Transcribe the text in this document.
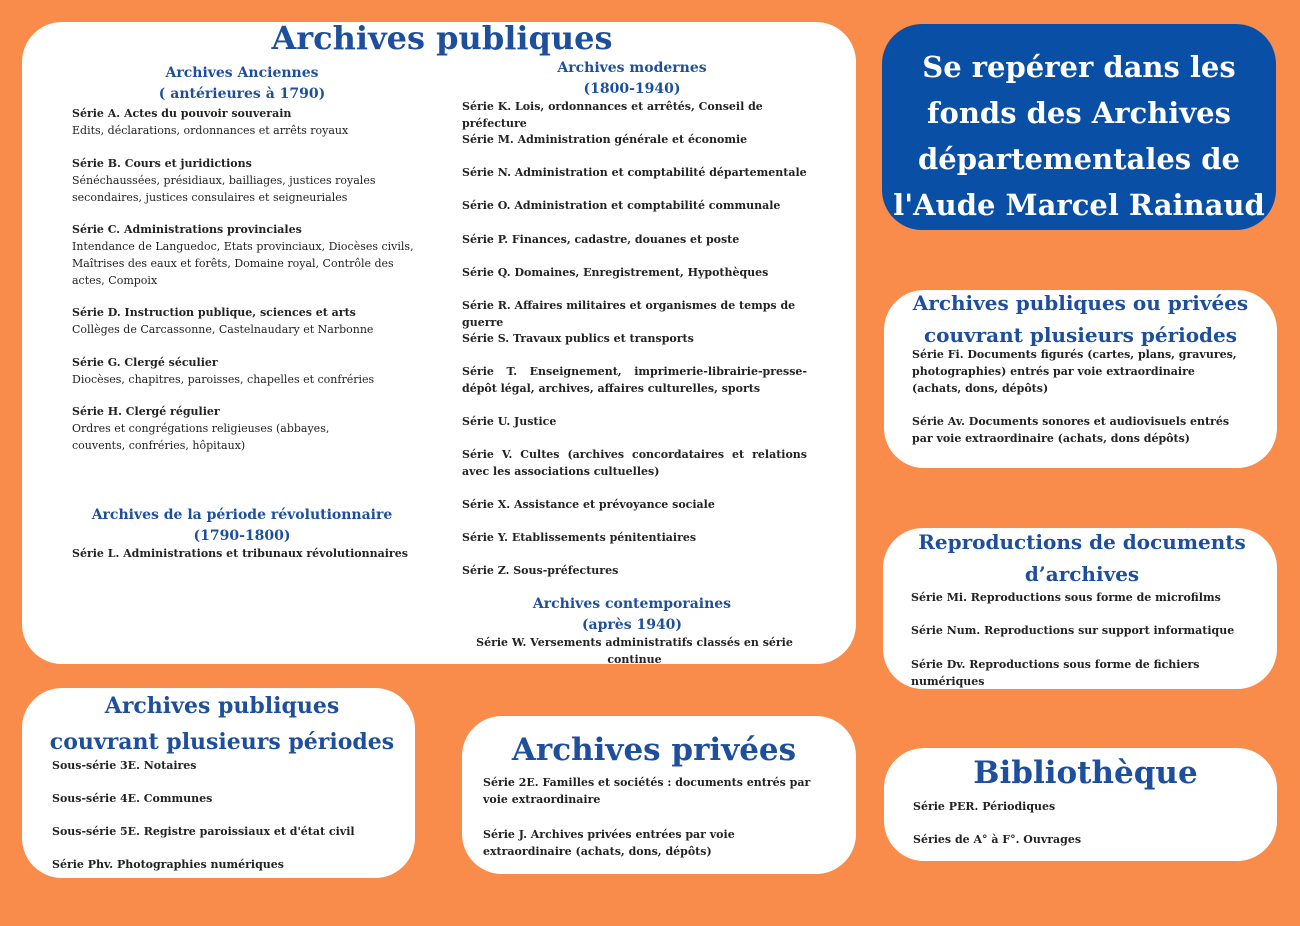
Archives publiques
Archives Anciennes
( antérieures à 1790)
Série A. Actes du pouvoir souverain
Edits, déclarations, ordonnances et arrêts royaux
Série B. Cours et juridictions
Sénéchaussées, présidiaux, bailliages, justices royales secondaires, justices consulaires et seigneuriales
Série C. Administrations provinciales
Intendance de Languedoc, Etats provinciaux, Diocèses civils, Maîtrises des eaux et forêts, Domaine royal, Contrôle des actes, Compoix
Série D. Instruction publique, sciences et arts
Collèges de Carcassonne, Castelnaudary et Narbonne
Série G. Clergé séculier
Diocèses, chapitres, paroisses, chapelles et confréries
Série H. Clergé régulier
Ordres et congrégations religieuses (abbayes, couvents, confréries, hôpitaux)
Archives de la période révolutionnaire
(1790-1800)
Série L. Administrations et tribunaux révolutionnaires
Archives modernes
(1800-1940)
Série K. Lois, ordonnances et arrêtés, Conseil de préfecture
Série M. Administration générale et économie
Série N. Administration et comptabilité départementale
Série O. Administration et comptabilité communale
Série P. Finances, cadastre, douanes et poste
Série Q. Domaines, Enregistrement, Hypothèques
Série R. Affaires militaires et organismes de temps de guerre
Série S. Travaux publics et transports
Série T. Enseignement, imprimerie-librairie-presse-dépôt légal, archives, affaires culturelles, sports
Série U. Justice
Série V. Cultes (archives concordataires et relations avec les associations cultuelles)
Série X. Assistance et prévoyance sociale
Série Y. Etablissements pénitentiaires
Série Z. Sous-préfectures
Archives contemporaines
(après 1940)
Série W. Versements administratifs classés en série continue
Se repérer dans les
fonds des Archives
départementales de
l'Aude Marcel Rainaud
Archives publiques ou privées
couvrant plusieurs périodes
Série Fi. Documents figurés (cartes, plans, gravures, photographies) entrés par voie extraordinaire (achats, dons, dépôts)
Série Av. Documents sonores et audiovisuels entrés par voie extraordinaire (achats, dons dépôts)
Reproductions de documents
d’archives
Série Mi. Reproductions sous forme de microfilms
Série Num. Reproductions sur support informatique
Série Dv. Reproductions sous forme de fichiers numériques
Bibliothèque
Série PER. Périodiques
Séries de A° à F°. Ouvrages
Archives publiques
couvrant plusieurs périodes
Sous-série 3E. Notaires
Sous-série 4E. Communes
Sous-série 5E. Registre paroissiaux et d'état civil
Série Phv. Photographies numériques
Archives privées
Série 2E. Familles et sociétés : documents entrés par voie extraordinaire
Série J. Archives privées entrées par voie extraordinaire (achats, dons, dépôts)
